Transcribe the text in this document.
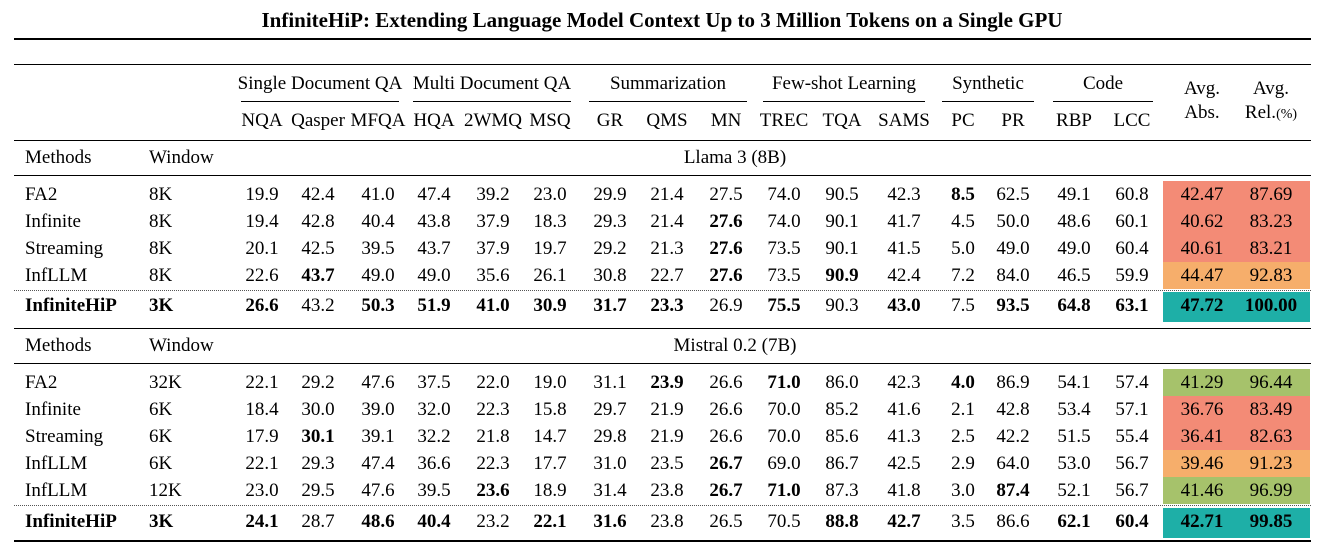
InfiniteHiP: Extending Language Model Context Up to 3 Million Tokens on a Single GPU
Single Document QA
NQA Qasper MFQA
Multi Document QA
HQA 2WMQ MSQ
Summarization
GR	QMS	MN
Few-shot Learning
TREC TQA SAMS
Synthetic
PC	PR
Code
RBP	LCC
Avg.
Abs.
Avg.
Rel.(%)
Methods	Window	Llama 3 (8B)
FA2	8K	19.9	42.4	41.0	47.4	39.2	23.0	29.9	21.4	27.5	74.0	90.5	42.3	8.5	62.5	49.1	60.8	42.47	87.69
Infinite	8K	19.4	42.8	40.4	43.8	37.9	18.3	29.3	21.4	27.6	74.0	90.1	41.7	4.5	50.0	48.6	60.1	40.62	83.23
Streaming 8K	20.1	42.5	39.5	43.7	37.9	19.7	29.2	21.3	27.6	73.5	90.1	41.5	5.0	49.0	49.0	60.4	40.61	83.21
InfLLM	8K	22.6	43.7	49.0	49.0	35.6	26.1	30.8	22.7	27.6	73.5	90.9	42.4	7.2	84.0	46.5	59.9	44.47	92.83
InfiniteHiP 3K	26.6	43.2	50.3	51.9	41.0	30.9	31.7	23.3	26.9	75.5	90.3	43.0	7.5	93.5	64.8	63.1	47.72	100.00
Methods	Window	Mistral 0.2 (7B)
FA2	32K	22.1	29.2	47.6	37.5	22.0	19.0	31.1	23.9	26.6	71.0	86.0	42.3	4.0	86.9	54.1	57.4	41.29	96.44
Infinite	6K	18.4	30.0	39.0	32.0	22.3	15.8	29.7	21.9	26.6	70.0	85.2	41.6	2.1	42.8	53.4	57.1	36.76	83.49
Streaming 6K	17.9	30.1	39.1	32.2	21.8	14.7	29.8	21.9	26.6	70.0	85.6	41.3	2.5	42.2	51.5	55.4	36.41	82.63
InfLLM	6K	22.1	29.3	47.4	36.6	22.3	17.7	31.0	23.5	26.7	69.0	86.7	42.5	2.9	64.0	53.0	56.7	39.46	91.23
InfLLM	12K	23.0	29.5	47.6	39.5	23.6	18.9	31.4	23.8	26.7	71.0	87.3	41.8	3.0	87.4	52.1	56.7	41.46	96.99
InfiniteHiP 3K	24.1	28.7	48.6	40.4	23.2	22.1	31.6	23.8	26.5	70.5	88.8	42.7	3.5	86.6	62.1	60.4	42.71	99.85
